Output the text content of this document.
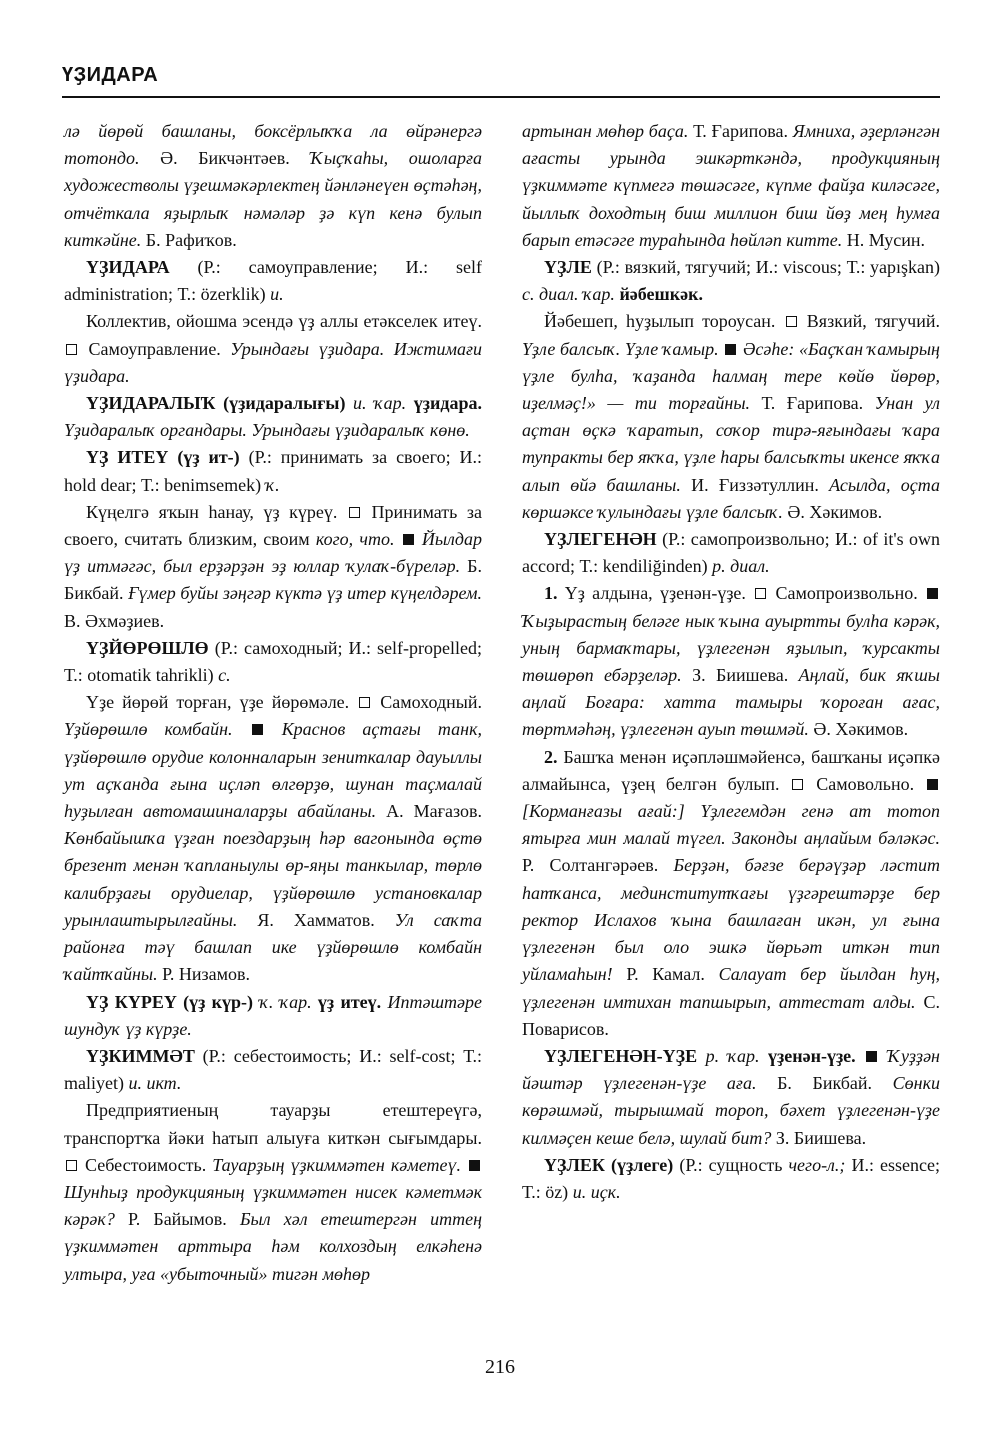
ҮҘИДАРА

лә йөрөй башланы, боксёрлыҡҡа ла өйрәнергә тотондо. Ә. Бикчәнтәев. Ҡыҫҡаһы, ошоларға художестволы үҙешмәкәрлектең йәнләнеүен өҫтәһәң, отчёткала яҙырлыҡ нәмәләр ҙә күп кенә булып киткәйне. Б. Рафиҡов.

ҮҘИДАРА (Р.: самоуправление; И.: self administration; Т.: özerklik) и.

Коллектив, ойошма эсендә үҙ аллы етәкселек итеү.  Самоуправление. Урындағы үҙидара. Ижтимағи үҙидара.

ҮҘИДАРАЛЫҠ (үҙидаралығы) и. ҡар. үҙидара. Үҙидаралыҡ органдары. Урындағы үҙидаралыҡ көнө.

ҮҘ ИТЕҮ (үҙ ит-) (Р.: принимать за своего; И.: hold dear; Т.: benimsemek) ҡ.

Күңелгә яҡын һанау, үҙ күреү.  Принимать за своего, считать близким, своим кого, что. Йылдар үҙ итмәгәс, был ерҙәрҙән эҙ юллар ҡулаҡ-бүреләр. Б. Бикбай. Ғүмер буйы зәңгәр күктә үҙ итер күңелдәрем. В. Әхмәҙиев.

ҮҘЙӨРӨШЛӨ (Р.: самоходный; И.: self-propelled; Т.: otomatik tahrikli) с.

Үҙе йөрөй торған, үҙе йөрөмәле.  Самоходный. Үҙйөрөшлө комбайн.	Краснов аҫтағы танк, үҙйөрөшлө орудие колонналарын зениткалар дауыллы ут аҫҡанда ғына иҫләп өлгөрҙө, шунан таҫмалай һуҙылған автомашиналарҙы абайланы. А. Мағазов. Көнбайышҡа үҙған поездарҙың һәр вагонында өҫтө брезент менән ҡапланыулы өр-яңы танкылар, төрлө калибрҙағы орудиелар, үҙйөрөшлө установкалар урынлаштырылғайны. Я. Хамматов. Ул саҡта районға тәү башлап ике үҙйөрөшлө комбайн ҡайтҡайны. Р. Низамов.

ҮҘ КҮРЕҮ (үҙ күр-) ҡ. ҡар. үҙ итеү. Иптәштәре шундуҡ үҙ күрҙе.

ҮҘКИММӘТ (Р.: себестоимость; И.: self-cost; Т.: maliyet) и. икт.

Предприятиеның тауарҙы етештереүгә, транспортҡа йәки һатып алыуға киткән сығымдары.  Себестоимость. Тауарҙың үҙкиммәтен кәметеү.  Шунһыҙ продукцияның үҙкиммәтен нисек кәметмәк кәрәк? Р. Байымов. Был хәл етештергән иттең үҙкиммәтен арттыра һәм колхоздың елкәһенә ултыра, уға «убыточный» тигән мөһөр

артынан мөһөр баҫа. Т. Ғарипова. Ямниха, әҙерләнгән ағасты урында эшкәрткәндә, продукцияның үҙкиммәте күпмегә төшәсәге, күпме файҙа киләсәге, йыллыҡ доходтың биш миллион биш йөҙ мең һумға барып етәсәге тураһында һөйләп китте. Н. Мусин.

ҮҘЛЕ (Р.: вязкий, тягучий; И.: viscous; Т.: yapışkan) с. диал. ҡар. йәбешкәк.

Йәбешеп, һуҙылып тороусан.  Вязкий, тягучий. Үҙле балсыҡ. Үҙле ҡамыр. Әсәһе: «Баҫҡан ҡамырың үҙле булһа, ҡаҙанда һалмаң тере көйө йөрөр, иҙелмәҫ!» — ти торғайны. Т. Ғарипова. Унан ул аҫтан өҫкә ҡаратып, соҡор тирә-яғындағы ҡара тупракты бер яҡҡа, үҙле һары балсыҡты икенсе яҡҡа алып өйә башланы. И. Ғиззәтуллин. Асылда, оҫта көршәксе ҡулындағы үҙле балсыҡ. Ә. Хәкимов.

ҮҘЛЕГЕНӘН (Р.: самопроизвольно; И.: of it's own accord; Т.: kendiliğinden) р. диал.

1. Үҙ алдына, үҙенән-үҙе.  Самопроизвольно.  Ҡыҙырастың беләге нык ҡына ауыртты булһа кәрәк, уның бармаҡтары, үҙлегенән яҙылып, ҡурсакты төшөрөп ебәрҙеләр. З. Биишева. Аңлай, бик яҡшы аңлай Боғара: хатта тамыры ҡороған ағас, төртмәһәң, үҙлегенән ауып төшмәй. Ә. Хәкимов.

2. Башҡа менән иҫәпләшмәйенсә, башҡаны иҫәпкә алмайынса, үҙең белгән булып.  Самовольно.  [Корманғазы ағай:] Үҙлегемдән генә ат тотоп ятырға мин малай түгел. Законды аңлайым бәләкәс. Р. Солтангәрәев. Берҙән, бәғзе берәүҙәр ләстит һатҡанса, мединститутҡағы үҙгәрештәрҙе бер ректор Ислахов ҡына башлаған икән, ул ғына үҙлегенән был оло эшкә йөрьәт иткән тип уйламаһын! Р. Камал. Салауат бер йылдан һуң, үҙлегенән имтихан тапшырып, аттестат алды. С. Поварисов.

ҮҘЛЕГЕНӘН-ҮҘЕ р. ҡар. үҙенән-үҙе. Ҡуҙҙән йәштәр үҙлегенән-үҙе аға. Б. Бикбай. Сөнки көрәшмәй, тырышмай тороп, бәхет үҙлегенән-үҙе килмәҫен кеше белә, шулай бит? З. Биишева.

ҮҘЛЕК (үҙлеге) (Р.: сущность чего-л.; И.: essence; Т.: öz) и. иҫк.

216
